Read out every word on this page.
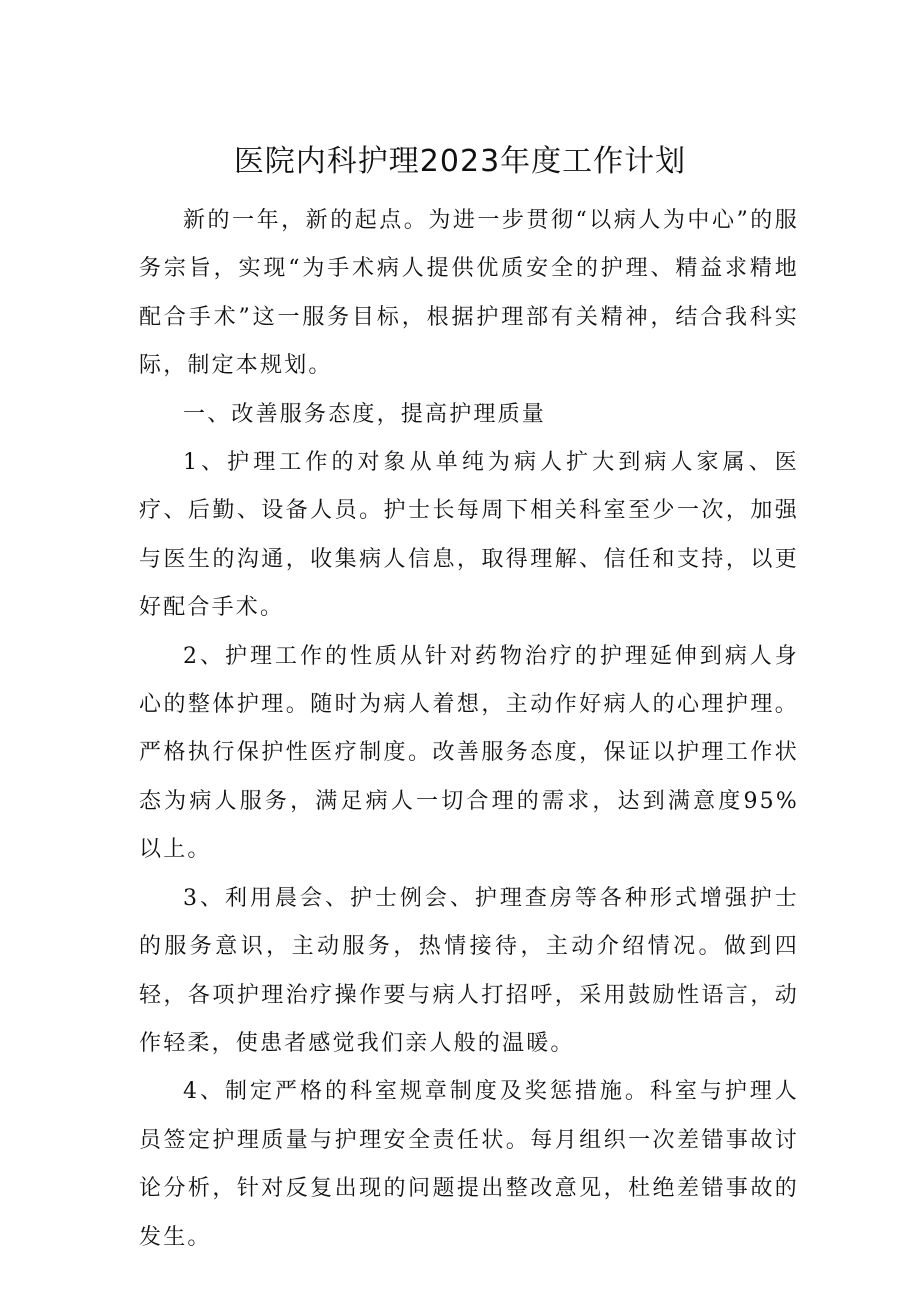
医院内科护理2023年度工作计划

新的一年，新的起点。为进一步贯彻“以病人为中心”的服务宗旨，实现“为手术病人提供优质安全的护理、精益求精地配合手术”这一服务目标，根据护理部有关精神，结合我科实际，制定本规划。

一、改善服务态度，提高护理质量

1、护理工作的对象从单纯为病人扩大到病人家属、医疗、后勤、设备人员。护士长每周下相关科室至少一次，加强与医生的沟通，收集病人信息，取得理解、信任和支持，以更好配合手术。

2、护理工作的性质从针对药物治疗的护理延伸到病人身心的整体护理。随时为病人着想，主动作好病人的心理护理。严格执行保护性医疗制度。改善服务态度，保证以护理工作状态为病人服务，满足病人一切合理的需求，达到满意度95%以上。

3、利用晨会、护士例会、护理查房等各种形式增强护士的服务意识，主动服务，热情接待，主动介绍情况。做到四轻，各项护理治疗操作要与病人打招呼，采用鼓励性语言，动作轻柔，使患者感觉我们亲人般的温暖。

4、制定严格的科室规章制度及奖惩措施。科室与护理人员签定护理质量与护理安全责任状。每月组织一次差错事故讨论分析，针对反复出现的问题提出整改意见，杜绝差错事故的发生。
